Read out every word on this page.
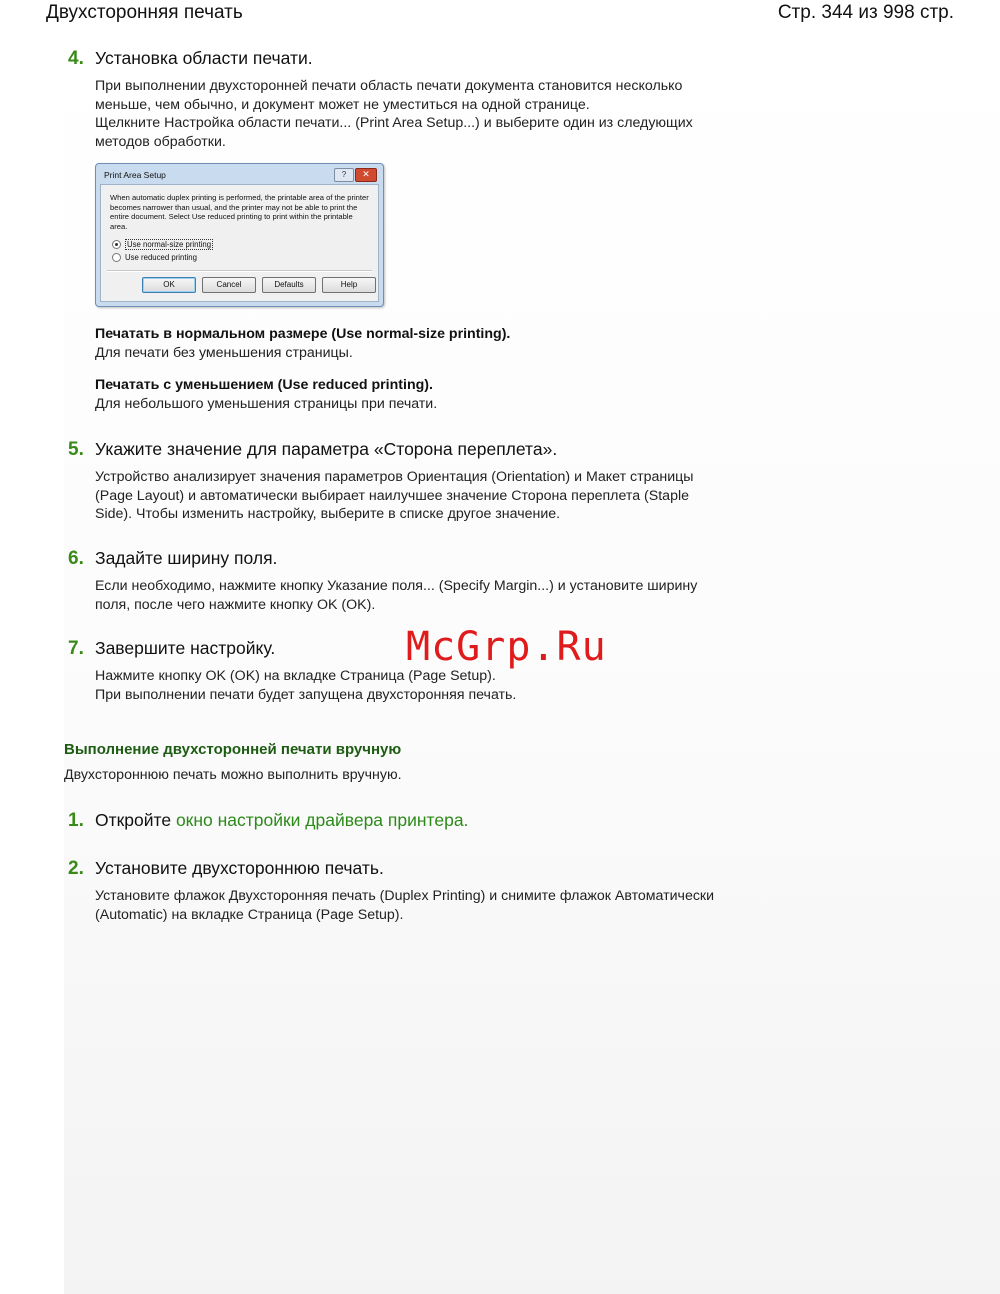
Двухсторонняя печать	Стр. 344 из 998 стр.
4. Установка области печати.

При выполнении двухсторонней печати область печати документа становится несколько меньше, чем обычно, и документ может не уместиться на одной странице.

Щелкните Настройка области печати... (Print Area Setup...) и выберите один из следующих методов обработки.

Print Area Setup	?	✕
When automatic duplex printing is performed, the printable area of the printer becomes narrower than usual, and the printer may not be able to print the entire document. Select Use reduced printing to print within the printable area.
Use normal-size printing
Use reduced printing
OK	Cancel	Defaults	Help
Печатать в нормальном размере (Use normal-size printing).
Для печати без уменьшения страницы.
Печатать с уменьшением (Use reduced printing).
Для небольшого уменьшения страницы при печати.
5. Укажите значение для параметра «Сторона переплета».

Устройство анализирует значения параметров Ориентация (Orientation) и Макет страницы (Page Layout) и автоматически выбирает наилучшее значение Сторона переплета (Staple Side). Чтобы изменить настройку, выберите в списке другое значение.

6. Задайте ширину поля.

Если необходимо, нажмите кнопку Указание поля... (Specify Margin...) и установите ширину поля, после чего нажмите кнопку OK (OK).

7. Завершите настройку.

Нажмите кнопку OK (OK) на вкладке Страница (Page Setup).

При выполнении печати будет запущена двухсторонняя печать.

McGrp.Ru
Выполнение двухсторонней печати вручную
Двухстороннюю печать можно выполнить вручную.
1. Откройте окно настройки драйвера принтера.
2. Установите двухстороннюю печать.

Установите флажок Двухсторонняя печать (Duplex Printing) и снимите флажок Автоматически (Automatic) на вкладке Страница (Page Setup).
